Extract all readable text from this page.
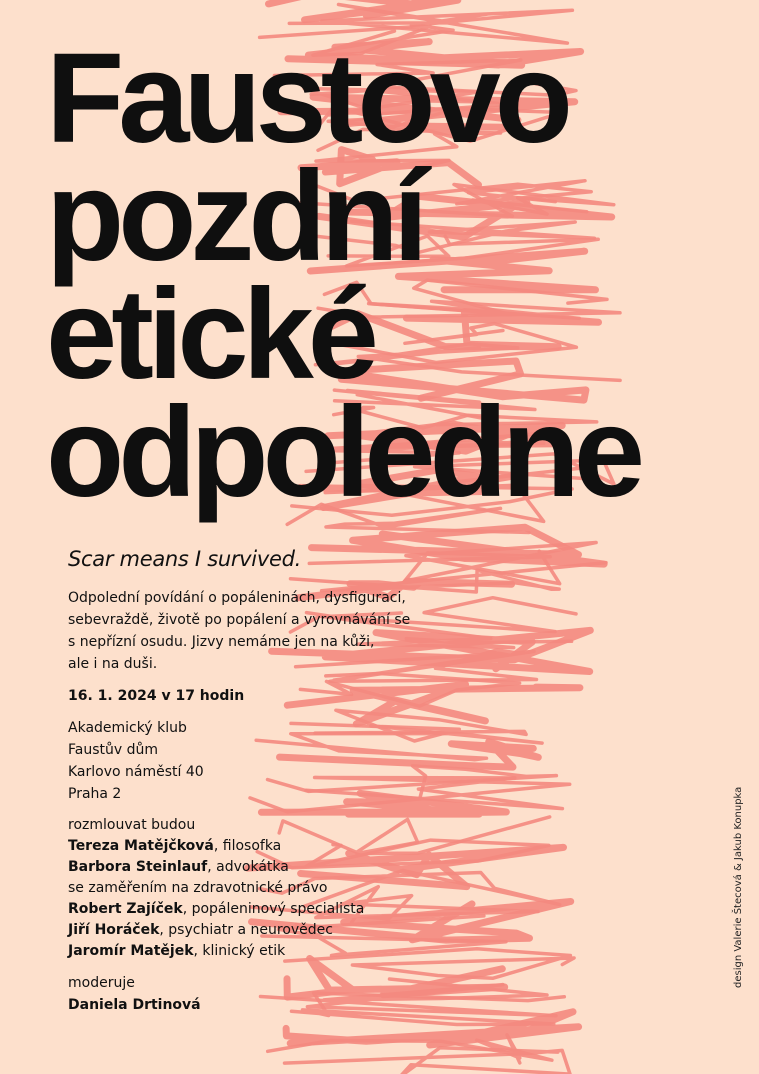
Faustovo
pozdní
etické
odpoledne

Scar means I survived.

Odpolední povídání o popáleninách, dysfiguraci,
sebevraždě, životě po popálení a vyrovnávání se
s nepřízní osudu. Jizvy nemáme jen na kůži,
ale i na duši.
16. 1. 2024 v 17 hodin
Akademický klub
Faustův dům
Karlovo náměstí 40
Praha 2
rozmlouvat budou
Tereza Matějčková, filosofka
Barbora Steinlauf, advokátka
se zaměřením na zdravotnické právo
Robert Zajíček, popáleninový specialista
Jiří Horáček, psychiatr a neurovědec
Jaromír Matějek, klinický etik
moderuje
Daniela Drtinová
design Valerie Štecová & Jakub Konupka
